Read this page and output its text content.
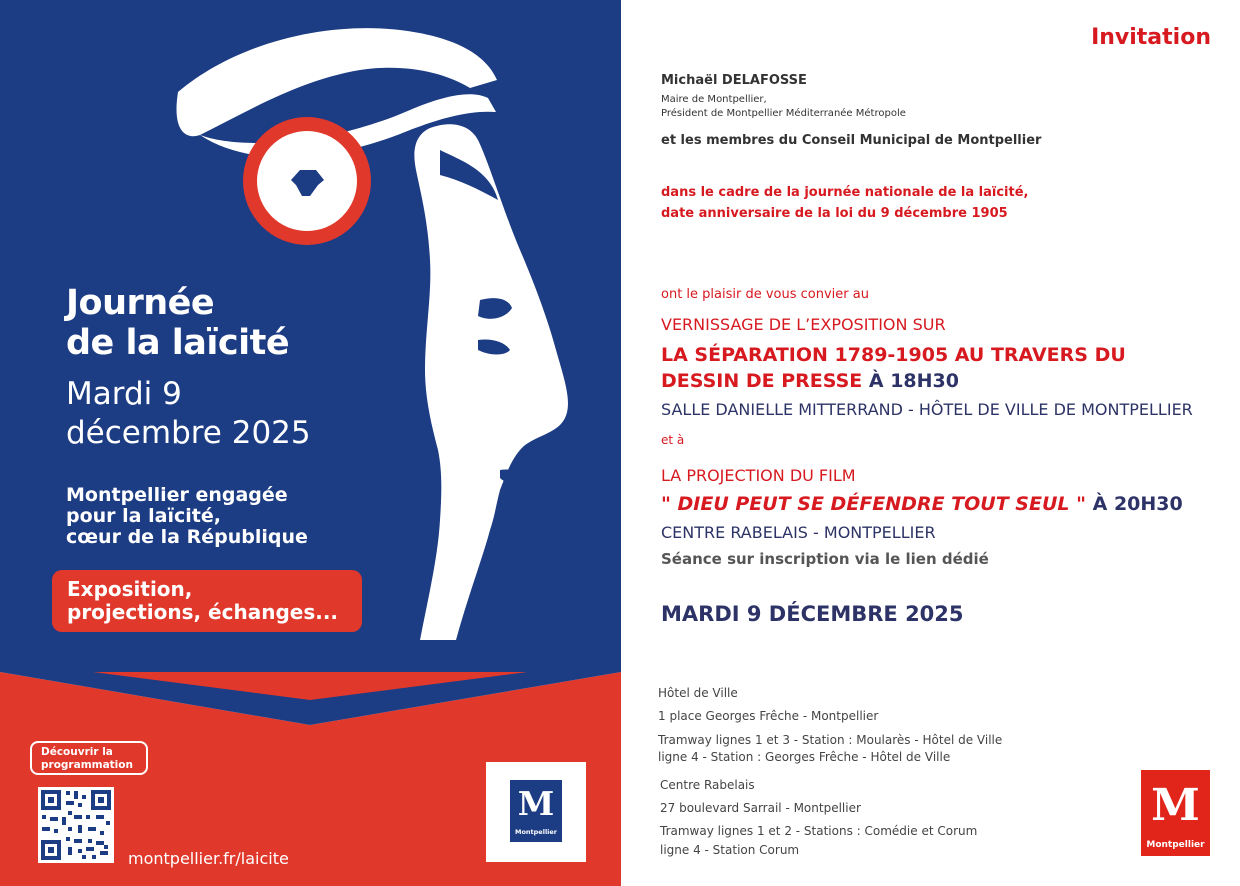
Journée
de la laïcité
Mardi 9
décembre 2025
Montpellier engagée
pour la laïcité,
cœur de la République
Exposition,
projections, échanges...
Découvrir la
programmation
montpellier.fr/laicite
M
Montpellier
Invitation
Michaël DELAFOSSE
Maire de Montpellier,
Président de Montpellier Méditerranée Métropole
et les membres du Conseil Municipal de Montpellier
dans le cadre de la journée nationale de la laïcité,
date anniversaire de la loi du 9 décembre 1905
ont le plaisir de vous convier au
VERNISSAGE DE L’EXPOSITION SUR
LA SÉPARATION 1789-1905 AU TRAVERS DU
DESSIN DE PRESSE À 18H30
SALLE DANIELLE MITTERRAND - HÔTEL DE VILLE DE MONTPELLIER
et à
LA PROJECTION DU FILM
" DIEU PEUT SE DÉFENDRE TOUT SEUL " À 20H30
CENTRE RABELAIS - MONTPELLIER
Séance sur inscription via le lien dédié
MARDI 9 DÉCEMBRE 2025
Hôtel de Ville
1 place Georges Frêche - Montpellier
Tramway lignes 1 et 3 - Station : Moularès - Hôtel de Ville
ligne 4 - Station : Georges Frêche - Hôtel de Ville
Centre Rabelais
27 boulevard Sarrail - Montpellier
Tramway lignes 1 et 2 - Stations : Comédie et Corum
ligne 4 - Station Corum
M
Montpellier
